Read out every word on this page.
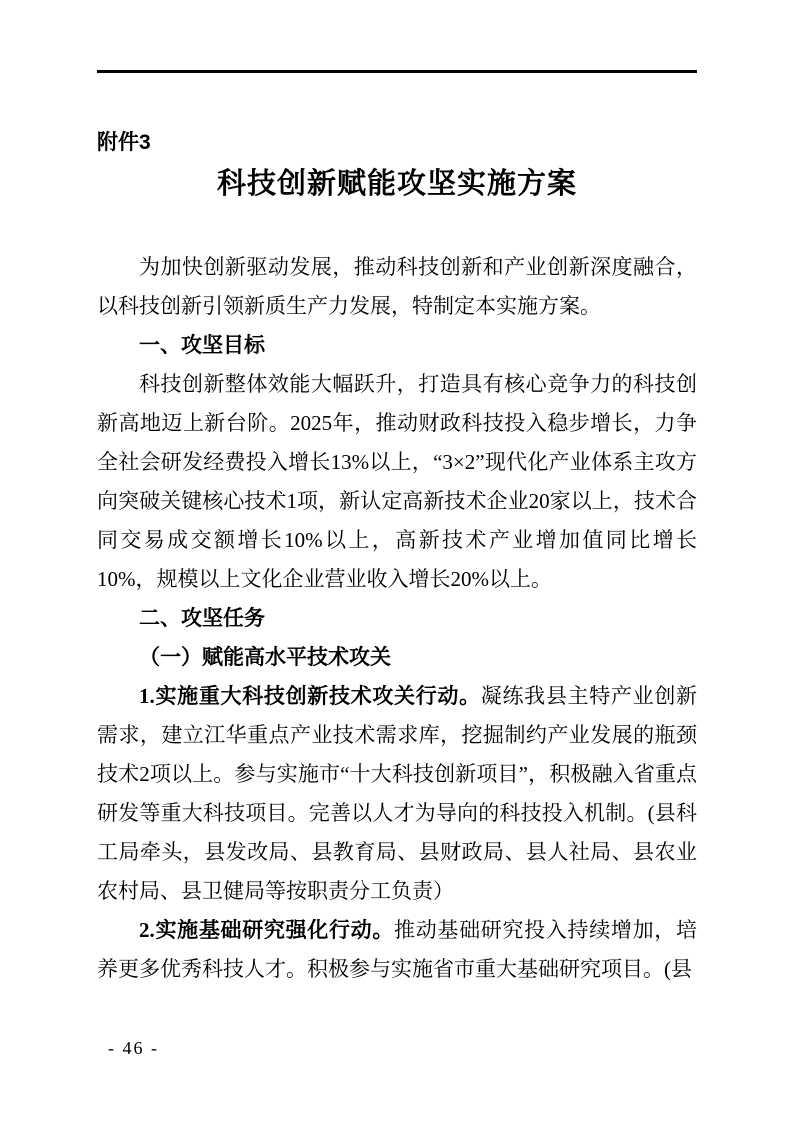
附件3

科技创新赋能攻坚实施方案

为加快创新驱动发展，推动科技创新和产业创新深度融合，以科技创新引领新质生产力发展，特制定本实施方案。

一、攻坚目标

科技创新整体效能大幅跃升，打造具有核心竞争力的科技创新高地迈上新台阶。2025年，推动财政科技投入稳步增长，力争全社会研发经费投入增长13%以上，“3×2”现代化产业体系主攻方向突破关键核心技术1项，新认定高新技术企业20家以上，技术合同交易成交额增长10%以上，高新技术产业增加值同比增长10%，规模以上文化企业营业收入增长20%以上。

二、攻坚任务

（一）赋能高水平技术攻关

1.实施重大科技创新技术攻关行动。凝练我县主特产业创新需求，建立江华重点产业技术需求库，挖掘制约产业发展的瓶颈技术2项以上。参与实施市“十大科技创新项目”，积极融入省重点研发等重大科技项目。完善以人才为导向的科技投入机制。(县科工局牵头，县发改局、县教育局、县财政局、县人社局、县农业农村局、县卫健局等按职责分工负责）

2.实施基础研究强化行动。推动基础研究投入持续增加，培养更多优秀科技人才。积极参与实施省市重大基础研究项目。(县

- 46 -
